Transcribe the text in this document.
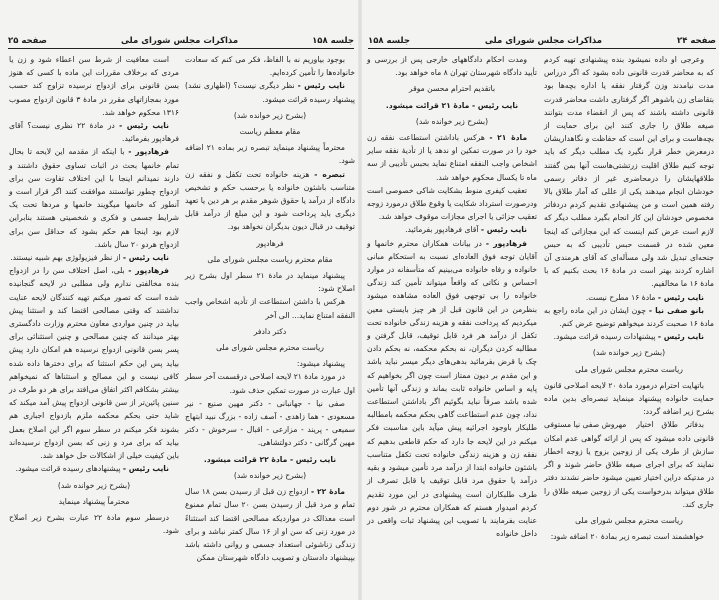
جلسه ۱۵۸
مذاکرات مجلس شورای ملی
صفحه ۲۵

بوجود بیاوریم نه با الفاظ، فکر می کنم که سعادت خانواده‌ها را تأمین کرده‌ایم.

نایب رئیس - نظر دیگری نیست؟ (اظهاری نشد) پیشنهاد رسیده قرائت میشود.

(بشرح زیر خوانده شد)

مقام معظم ریاست

محترماً پیشنهاد مینماید تبصره زیر بماده ۲۱ اضافه شود.

تبصره - هزینه خانواده تحت تکفل و نفقه زن متناسب باشئون خانواده یا برحسب حکم و تشخیص دادگاه از درآمد یا حقوق شوهر مقدم بر هر دین یا تعهد دیگری باید پرداخت شود و این مبلغ از درآمد قابل توقیف در قبال دیون بدیگران نخواهد بود.

فرهادپور

مقام محترم ریاست مجلس شورای ملی

پیشنهاد مینماید در مادهٔ ۲۱ سطر اول بشرح زیر اصلاح شود:

هرکس با داشتن استطاعت از تأدیه اشخاص واجب النفقه امتناع نماید... الی آخر

دکتر دادفر

ریاست محترم مجلس شورای ملی

پیشنهاد میشود:

در مورد مادهٔ ۲۱ لایحه اصلاحی درقسمت آخر سطر اول عبارت در صورت تمکین حذف شود.

صفی نیا - جهانبانی - دکتر مهین صنیع - نیر مسعودی - هما زاهدی - آصف زاده - بزرگ نبید ابتهاج سمیعی - پریند - مزارعی - اقبال - سرخوش - دکتر مهین گرگانی - دکتر دولتشاهی.

نایب رئیس - مادهٔ ۲۲ قرائت میشود.

(بشرح زیر خوانده شد)

مادهٔ ۲۲ - ازدواج زن قبل از رسیدن بسن ۱۸ سال تمام و مرد قبل از رسیدن بسن ۲۰ سال تمام ممنوع است معذالک در مواردیکه مصالحی اقتضا کند استثناءً در مورد زنی که سن او از ۱۶ سال کمتر نباشد و برای زندگی زناشوئی استعداد جسمی و روانی داشته باشد بپیشنهاد دادستان و تصویب دادگاه شهرستان ممکن

است معافیت از شرط سن اعطاء شود و زن یا مردی که برخلاف مقررات این ماده با کسی که هنوز بسن قانونی برای ازدواج نرسیده تزاوج کند حسب مورد بمجازاتهای مقرر در مادهٔ ۳ قانون ازدواج مصوب ۱۳۱۶ محکوم خواهد شد.

نایب رئیس - در مادهٔ ۲۲ نظری نیست؟ آقای فرهادپور بفرمائید.

فرهادپور - با اینکه از مقدمه این لایحه تا بحال تمام خانمها بحث در اثبات تساوی حقوق داشتند و دارند نمیدانم اینجا با این اختلاف تفاوت سن برای ازدواج چطور توانستند موافقت کنند اگر قرار است و آنطور که خانمها میگویند خانمها و مردها تحت یک شرایط جسمی و فکری و شخصیتی هستند بنابراین لازم بود اینجا هم حکم بشود که حداقل سن برای ازدواج هردو ۲۰ سال باشد.

نایب رئیس - از نظر فیزیولوژی بهم شبیه نیستند.

فرهادپور - بلی، اصل اختلاف سن را در ازدواج بنده مخالفتی ندارم ولی مطلبی در لایحه گنجانیده شده است که تصور میکنم تهیه کنندگان لایحه عنایت نداشتند که وقتی مصالحی اقتضا کند و استثنا پیش بیاید در چنین مواردی معاون محترم وزارت دادگستری بهتر میدانند که چنین مصالحی و چنین استثنائی برای پسر بسن قانونی ازدواج نرسیده هم امکان دارد پیش بیاید پس این حکم استثنا که برای دخترها داده شده کافی نیست و این مصالح و استثناها که نمیخواهم بیشتر بشکافم اکثر اتفاق می‌افتد برای هر دو طرف در سنین پائین‌تر از سن قانونی ازدواج پیش آمد میکند که شاید حتی بحکم محکمه ملزم بازدواج اجباری هم بشوند فکر میکنم در سطر سوم اگر این اصلاح بعمل بیاید که برای مرد و زنی که بسن ازدواج نرسیده‌اند باین کیفیت خیلی از اشکالات حل خواهد شد.

نایب رئیس - پیشنهادهای رسیده قرائت میشود.

(بشرح زیر خوانده شد)

محترماً پیشنهاد مینماید

درسطر سوم مادهٔ ۲۲ عبارت بشرح زیر اصلاح شود.

صفحه ۲۴
مذاکرات مجلس شورای ملی
جلسه ۱۵۸

وعرجی او داده نمیشود بنده پیشنهادی تهیه کردم که به محاضر قدرت قانونی داده بشود که اگر درراس مدت نیامدند وزن گرفتار نفقه یا اداره بچه‌ها بود بتقاضای زن باشوهر اگر گرفتاری داشت محاضر قدرت قانونی داشته باشند که پس از انقضاء مدت بتوانند صیغه طلاق را جاری کنند این برای حمایت از بچه‌هاست و برای این است که حفاظت و نگاهداریشان درمعرض خطر قرار نگیرد یک مطلب دیگر که باید توجه کنیم طلاق اقلیت زرتشتی‌هاست آنها بمن گفتند طلاقهایشان را درمحاضری غیر از دفاتر رسمی خودشان انجام میدهند یکی از عللی که آمار طلاق بالا رفته همین است و من پیشنهادی تقدیم کردم دردفاتر مخصوص خودشان این کار انجام بگیرد مطلب دیگر که لازم است عرض کنم اینست که این مجازاتی که اینجا معین شده در قسمت حبس تأدیبی که به حبس جنحه‌ای تبدیل شد ولی مسأله‌ای که آقای هرمندی آن اشاره کردند بهتر است در مادهٔ ۱۶ بحث بکنیم که با مادهٔ ۱۶ ما مخالفیم.

نایب رئیس - مادهٔ ۱۶ مطرح نیست.

بانو صفی نیا - چون ایشان در این ماده راجع به مادهٔ ۱۶ صحبت کردند میخواهم توضیح عرض کنم.

نایب رئیس - پیشنهادات رسیده قرائت میشود.

(بشرح زیر خوانده شد)

ریاست محترم مجلس شورای ملی

باتهایت احترام درمورد مادهٔ ۲۰ لایحه اصلاحی قانون حمایت خانواده پیشنهاد مینماید تبصره‌ای بدین ماده بشرح زیر اضافه گردد:

مهروش صفی نیا مستوفی	بدفاتر طلاق اختیار قانونی داده میشود که پس از ارائه گواهی عدم امکان سازش از طرف یکی از زوجین بزوج یا زوجه اخطار نمایند که برای اجرای صیغه طلاق حاضر شوند و اگر در مدتیکه دراین اختیار تعیین میشود حاضر نشدند دفتر طلاق میتواند بدرخواست یکی از زوجین صیغه طلاق را جاری کند.

ریاست محترم مجلس شورای ملی

خواهشمند است تبصره زیر بمادهٔ ۲۰ اضافه شود:

ومدت احکام دادگاههای خارجی پس از بررسی و تأیید دادگاه شهرستان تهران ۸ ماه خواهد بود.

باتقدیم احترام محسن موقر

نایب رئیس - مادهٔ ۲۱ قرائت میشود.

(بشرح زیر خوانده شد)

مادهٔ ۲۱ - هرکس باداشتن استطاعت نفقه زن خود را در صورت تمکین او ندهد یا از تأدیهٔ نفقه سایر اشخاص واجب النفقه امتناع نماید بحبس تأدیبی از سه ماه تا یکسال محکوم خواهد شد.

تعقیب کیفری منوط بشکایت شاکی خصوصی است ودرصورت استرداد شکایت یا وقوع طلاق درمورد زوجه تعقیب جزائی یا اجرای مجازات موقوف خواهد شد.

نایب رئیس - آقای فرهادپور بفرمائید.

فرهادپور - در بیانات همکاران محترم خانمها و آقایان توجه فوق العاده‌ای نسبت به استحکام مبانی خانواده و رفاه خانواده می‌بینیم که متأسفانه در موارد احساس و نکاتی که واقعاً میتواند تأمین کند زندگی خانواده را بی توجهی فوق العاده مشاهده میشود بنظرمن در این قانون قبل از هر چیز بایستی معین میکردیم که پرداخت نفقه و هزینه زندگی خانواده تحت تکفل از درآمد هر فرد قابل توقیف، قابل گرفتن و مطالبه کردن دیگران، نه بحکم محکمه، نه بحکم دادن چک یا قرض بفرمائید بدهی‌های دیگر میسر نباید باشد و این مقدم بر دیون ممتاز است چون اگر بخواهیم که پایه و اساس خانواده ثابت بماند و زندگی آنها تأمین شده باشد صرفاً نباید بگوئیم اگر باداشتن استطاعت نداد، چون عدم استطاعت گاهی بحکم محکمه بامطالبه طلبکار باوجود اجرائیه پیش میآید باین مناسبت فکر میکنم در این لایحه جا دارد که حکم قاطعی بدهیم که نفقه زن و هزینه زندگی خانواده تحت تکفل متناسب باشئون خانواده ابتدا از درآمد مرد تأمین میشود و بقیه درآمد یا حقوق مرد قابل توقیف یا قابل تصرف از طرف طلبکاران است پیشنهادی در این مورد تقدیم کردم امیدوار هستم که همکاران محترم در شور دوم عنایت بفرمایند با تصویب این پیشنهاد ثبات واقعی در داخل خانواده
